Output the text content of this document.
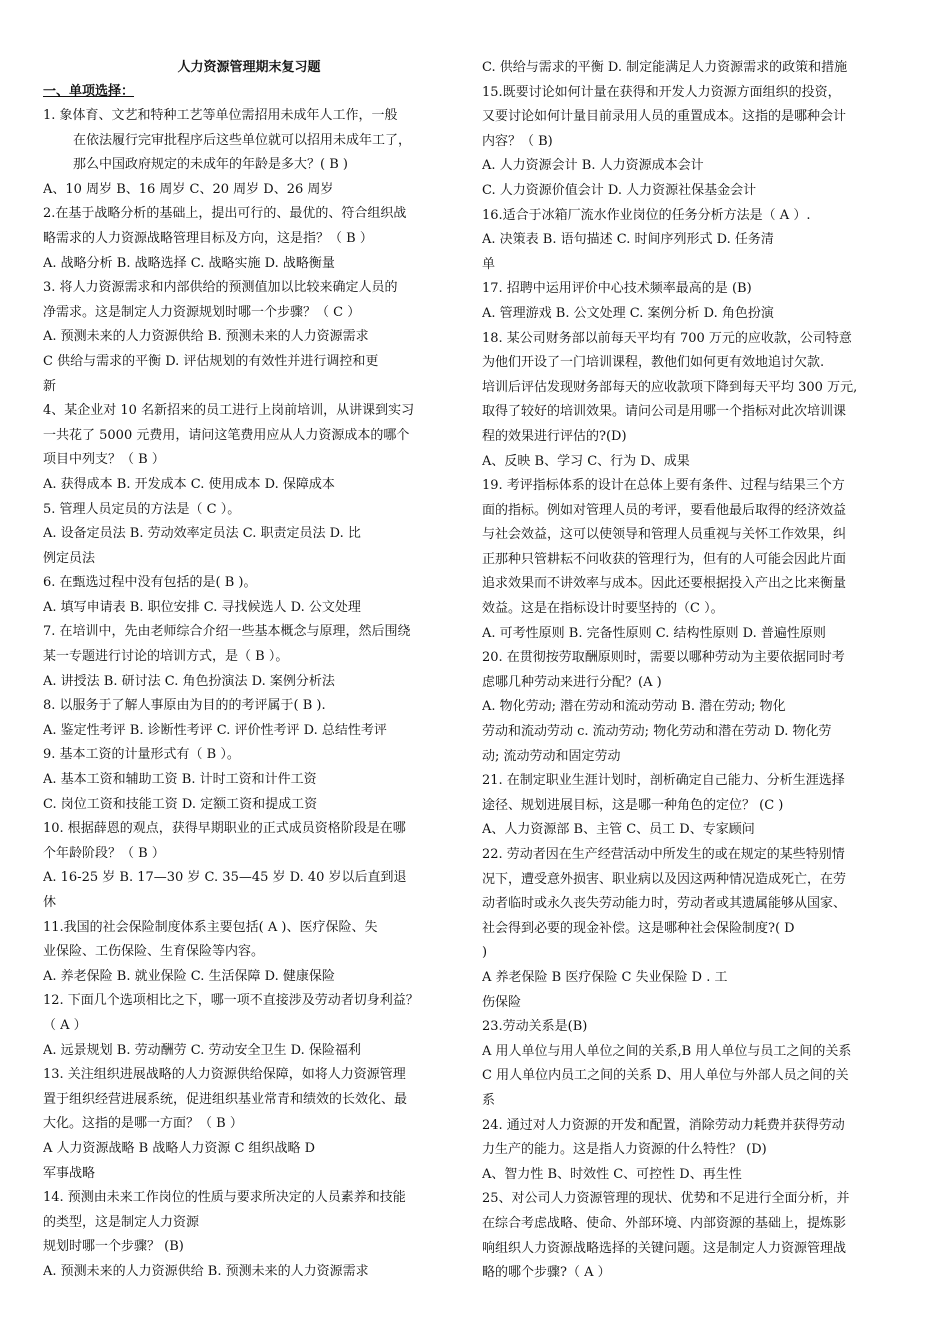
人力资源管理期末复习题
一、单项选择：
1. 象体育、文艺和特种工艺等单位需招用未成年人工作，一般
在依法履行完审批程序后这些单位就可以招用未成年工了，
那么中国政府规定的未成年的年龄是多大？( B )
A、10 周岁 B、16 周岁 C、20 周岁 D、26 周岁
2.在基于战略分析的基础上，提出可行的、最优的、符合组织战
略需求的人力资源战略管理目标及方向，这是指？（ B ）
A. 战略分析 B. 战略选择 C. 战略实施 D. 战略衡量
3. 将人力资源需求和内部供给的预测值加以比较来确定人员的
净需求。这是制定人力资源规划时哪一个步骤？（ C ）
A. 预测未来的人力资源供给 B. 预测未来的人力资源需求
C 供给与需求的平衡 D. 评估规划的有效性并进行调控和更
新
4、某企业对 10 名新招来的员工进行上岗前培训，从讲课到实习
一共花了 5000 元费用，请问这笔费用应从人力资源成本的哪个
项目中列支？（ B ）
A. 获得成本 B. 开发成本 C. 使用成本 D. 保障成本
5. 管理人员定员的方法是（ C ）。
A. 设备定员法 B. 劳动效率定员法 C. 职责定员法 D. 比
例定员法
6. 在甄选过程中没有包括的是( B )。
A. 填写申请表 B. 职位安排 C. 寻找候选人 D. 公文处理
7. 在培训中，先由老师综合介绍一些基本概念与原理，然后围绕
某一专题进行讨论的培训方式，是（ B ）。
A. 讲授法 B. 研讨法 C. 角色扮演法 D. 案例分析法
8. 以服务于了解人事原由为目的的考评属于( B ).
A. 鉴定性考评 B. 诊断性考评 C. 评价性考评 D. 总结性考评
9. 基本工资的计量形式有（ B ）。
A. 基本工资和辅助工资 B. 计时工资和计件工资
C. 岗位工资和技能工资 D. 定额工资和提成工资
10. 根据薛恩的观点，获得早期职业的正式成员资格阶段是在哪
个年龄阶段？（ B ）
A. 16-25 岁 B. 17—30 岁 C. 35—45 岁 D. 40 岁以后直到退
休
11.我国的社会保险制度体系主要包括( A )、医疗保险、失
业保险、工伤保险、生育保险等内容。
A. 养老保险 B. 就业保险 C. 生活保障 D. 健康保险
12. 下面几个选项相比之下，哪一项不直接涉及劳动者切身利益？
（ A ）
A. 远景规划 B. 劳动酬劳 C. 劳动安全卫生 D. 保险福利
13. 关注组织进展战略的人力资源供给保障，如将人力资源管理
置于组织经营进展系统，促进组织基业常青和绩效的长效化、最
大化。这指的是哪一方面？（ B ）
A 人力资源战略 B 战略人力资源 C 组织战略 D
军事战略
14. 预测由未来工作岗位的性质与要求所决定的人员素养和技能
的类型，这是制定人力资源
规划时哪一个步骤？ (B)
A. 预测未来的人力资源供给 B. 预测未来的人力资源需求
C. 供给与需求的平衡 D. 制定能满足人力资源需求的政策和措施
15.既要讨论如何计量在获得和开发人力资源方面组织的投资，
又要讨论如何计量目前录用人员的重置成本。这指的是哪种会计
内容？（ B)
A. 人力资源会计 B. 人力资源成本会计
C. 人力资源价值会计 D. 人力资源社保基金会计
16.适合于冰箱厂流水作业岗位的任务分析方法是（ A ）.
A. 决策表 B. 语句描述 C. 时间序列形式 D. 任务清
单
17. 招聘中运用评价中心技术频率最高的是 (B)
A. 管理游戏 B. 公文处理 C. 案例分析 D. 角色扮演
18. 某公司财务部以前每天平均有 700 万元的应收款，公司特意
为他们开设了一门培训课程，教他们如何更有效地追讨欠款.
培训后评估发现财务部每天的应收款项下降到每天平均 300 万元,
取得了较好的培训效果。请问公司是用哪一个指标对此次培训课
程的效果进行评估的?(D)
A、反映 B、学习 C、行为 D、成果
19. 考评指标体系的设计在总体上要有条件、过程与结果三个方
面的指标。例如对管理人员的考评，要看他最后取得的经济效益
与社会效益，这可以使领导和管理人员重视与关怀工作效果，纠
正那种只管耕耘不问收获的管理行为，但有的人可能会因此片面
追求效果而不讲效率与成本。因此还要根据投入产出之比来衡量
效益。这是在指标设计时要坚持的（C ）。
A. 可考性原则 B. 完备性原则 C. 结构性原则 D. 普遍性原则
20. 在贯彻按劳取酬原则时，需要以哪种劳动为主要依据同时考
虑哪几种劳动来进行分配？(A )
A. 物化劳动; 潜在劳动和流动劳动 B. 潜在劳动; 物化
劳动和流动劳动 c. 流动劳动; 物化劳动和潜在劳动 D. 物化劳
动; 流动劳动和固定劳动
21. 在制定职业生涯计划时，剖析确定自己能力、分析生涯选择
途径、规划进展目标，这是哪一种角色的定位？ (C )
A、人力资源部 B、主管 C、员工 D、专家顾问
22. 劳动者因在生产经营活动中所发生的或在规定的某些特别情
况下，遭受意外损害、职业病以及因这两种情况造成死亡，在劳
动者临时或永久丧失劳动能力时，劳动者或其遗属能够从国家、
社会得到必要的现金补偿。这是哪种社会保险制度?( D
)
A 养老保险 B 医疗保险 C 失业保险 D . 工
伤保险
23.劳动关系是(B)
A 用人单位与用人单位之间的关系,B 用人单位与员工之间的关系
C 用人单位内员工之间的关系 D、用人单位与外部人员之间的关
系
24. 通过对人力资源的开发和配置，消除劳动力耗费并获得劳动
力生产的能力。这是指人力资源的什么特性？ (D)
A、智力性 B、时效性 C、可控性 D、再生性
25、对公司人力资源管理的现状、优势和不足进行全面分析，并
在综合考虑战略、使命、外部环境、内部资源的基础上，提炼影
响组织人力资源战略选择的关键问题。这是制定人力资源管理战
略的哪个步骤?（ A ）
